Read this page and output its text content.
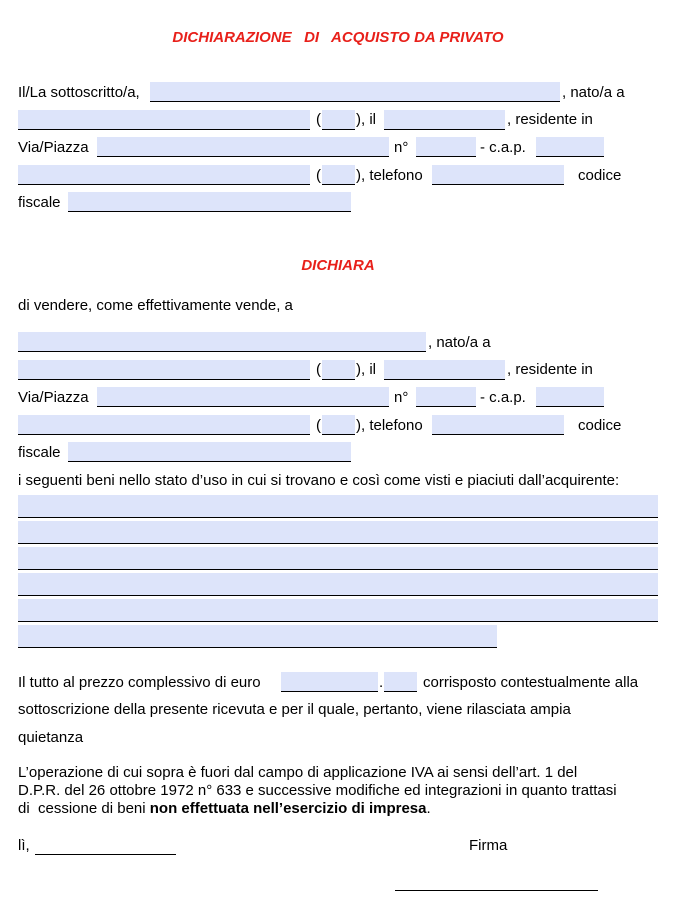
DICHIARAZIONE   DI   ACQUISTO DA PRIVATO
Il/La sottoscritto/a,	, nato/a a
( ), il	, residente in
Via/Piazza	n°	- c.a.p.
( ), telefono	codice
fiscale
DICHIARA
di vendere, come effettivamente vende, a
, nato/a a
( ), il	, residente in
Via/Piazza	n°	- c.a.p.
( ), telefono	codice
fiscale
i seguenti beni nello stato d’uso in cui si trovano e così come visti e piaciuti dall’acquirente:
Il tutto al prezzo complessivo di euro	.	corrisposto contestualmente alla
sottoscrizione della presente ricevuta e per il quale, pertanto, viene rilasciata ampia
quietanza
L’operazione di cui sopra è fuori dal campo di applicazione IVA ai sensi dell’art. 1 del
D.P.R. del 26 ottobre 1972 n° 633 e successive modifiche ed integrazioni in quanto trattasi
di  cessione di beni non effettuata nell’esercizio di impresa.
lì,	Firma
